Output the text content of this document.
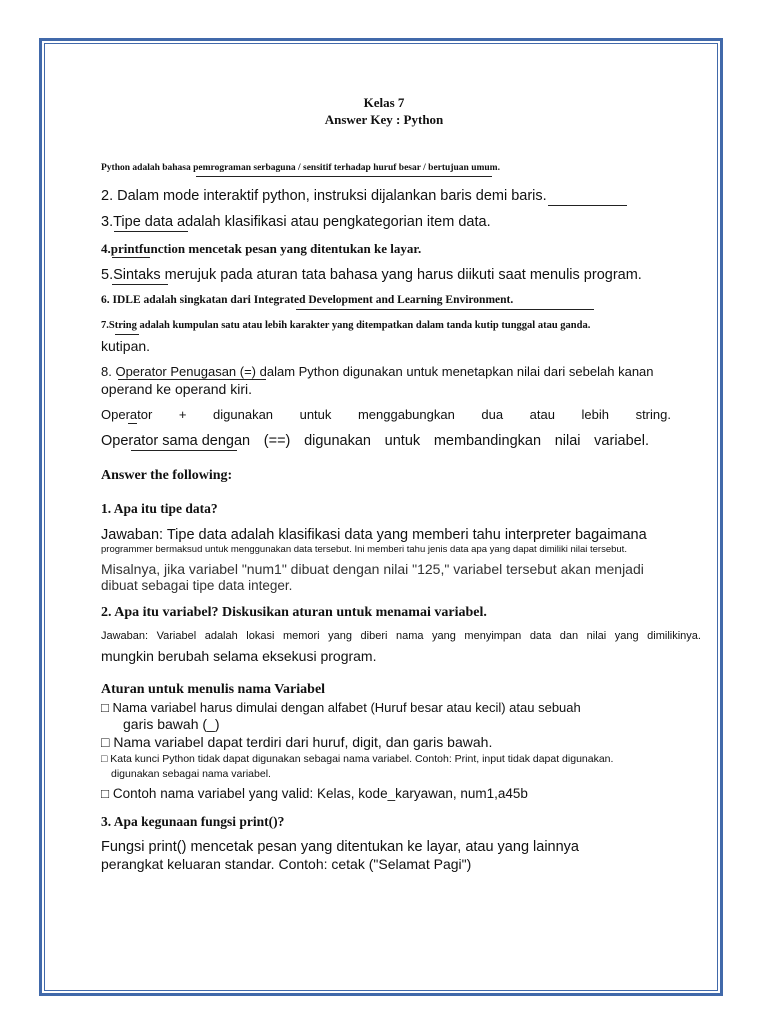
Kelas 7
Answer Key : Python
Python adalah bahasa pemrograman serbaguna / sensitif terhadap huruf besar / bertujuan umum.
2. Dalam mode interaktif python, instruksi dijalankan baris demi baris.
3.Tipe data adalah klasifikasi atau pengkategorian item data.
4.printfunction mencetak pesan yang ditentukan ke layar.
5.Sintaks merujuk pada aturan tata bahasa yang harus diikuti saat menulis program.
6. IDLE adalah singkatan dari Integrated Development and Learning Environment.
7.String adalah kumpulan satu atau lebih karakter yang ditempatkan dalam tanda kutip tunggal atau ganda.
kutipan.
8. Operator Penugasan (=) dalam Python digunakan untuk menetapkan nilai dari sebelah kanan
operand ke operand kiri.
Operator + digunakan untuk menggabungkan dua atau lebih string.
Operator sama dengan (==) digunakan untuk membandingkan nilai variabel.
Answer the following:
1. Apa itu tipe data?
Jawaban: Tipe data adalah klasifikasi data yang memberi tahu interpreter bagaimana
programmer bermaksud untuk menggunakan data tersebut. Ini memberi tahu jenis data apa yang dapat dimiliki nilai tersebut.
Misalnya, jika variabel "num1" dibuat dengan nilai "125," variabel tersebut akan menjadi
dibuat sebagai tipe data integer.
2. Apa itu variabel? Diskusikan aturan untuk menamai variabel.
Jawaban: Variabel adalah lokasi memori yang diberi nama yang menyimpan data dan nilai yang dimilikinya.
mungkin berubah selama eksekusi program.
Aturan untuk menulis nama Variabel
□ Nama variabel harus dimulai dengan alfabet (Huruf besar atau kecil) atau sebuah
garis bawah (_)
□ Nama variabel dapat terdiri dari huruf, digit, dan garis bawah.
□ Kata kunci Python tidak dapat digunakan sebagai nama variabel. Contoh: Print, input tidak dapat digunakan.
digunakan sebagai nama variabel.
□ Contoh nama variabel yang valid: Kelas, kode_karyawan, num1,a45b
3. Apa kegunaan fungsi print()?
Fungsi print() mencetak pesan yang ditentukan ke layar, atau yang lainnya
perangkat keluaran standar. Contoh: cetak ("Selamat Pagi")
